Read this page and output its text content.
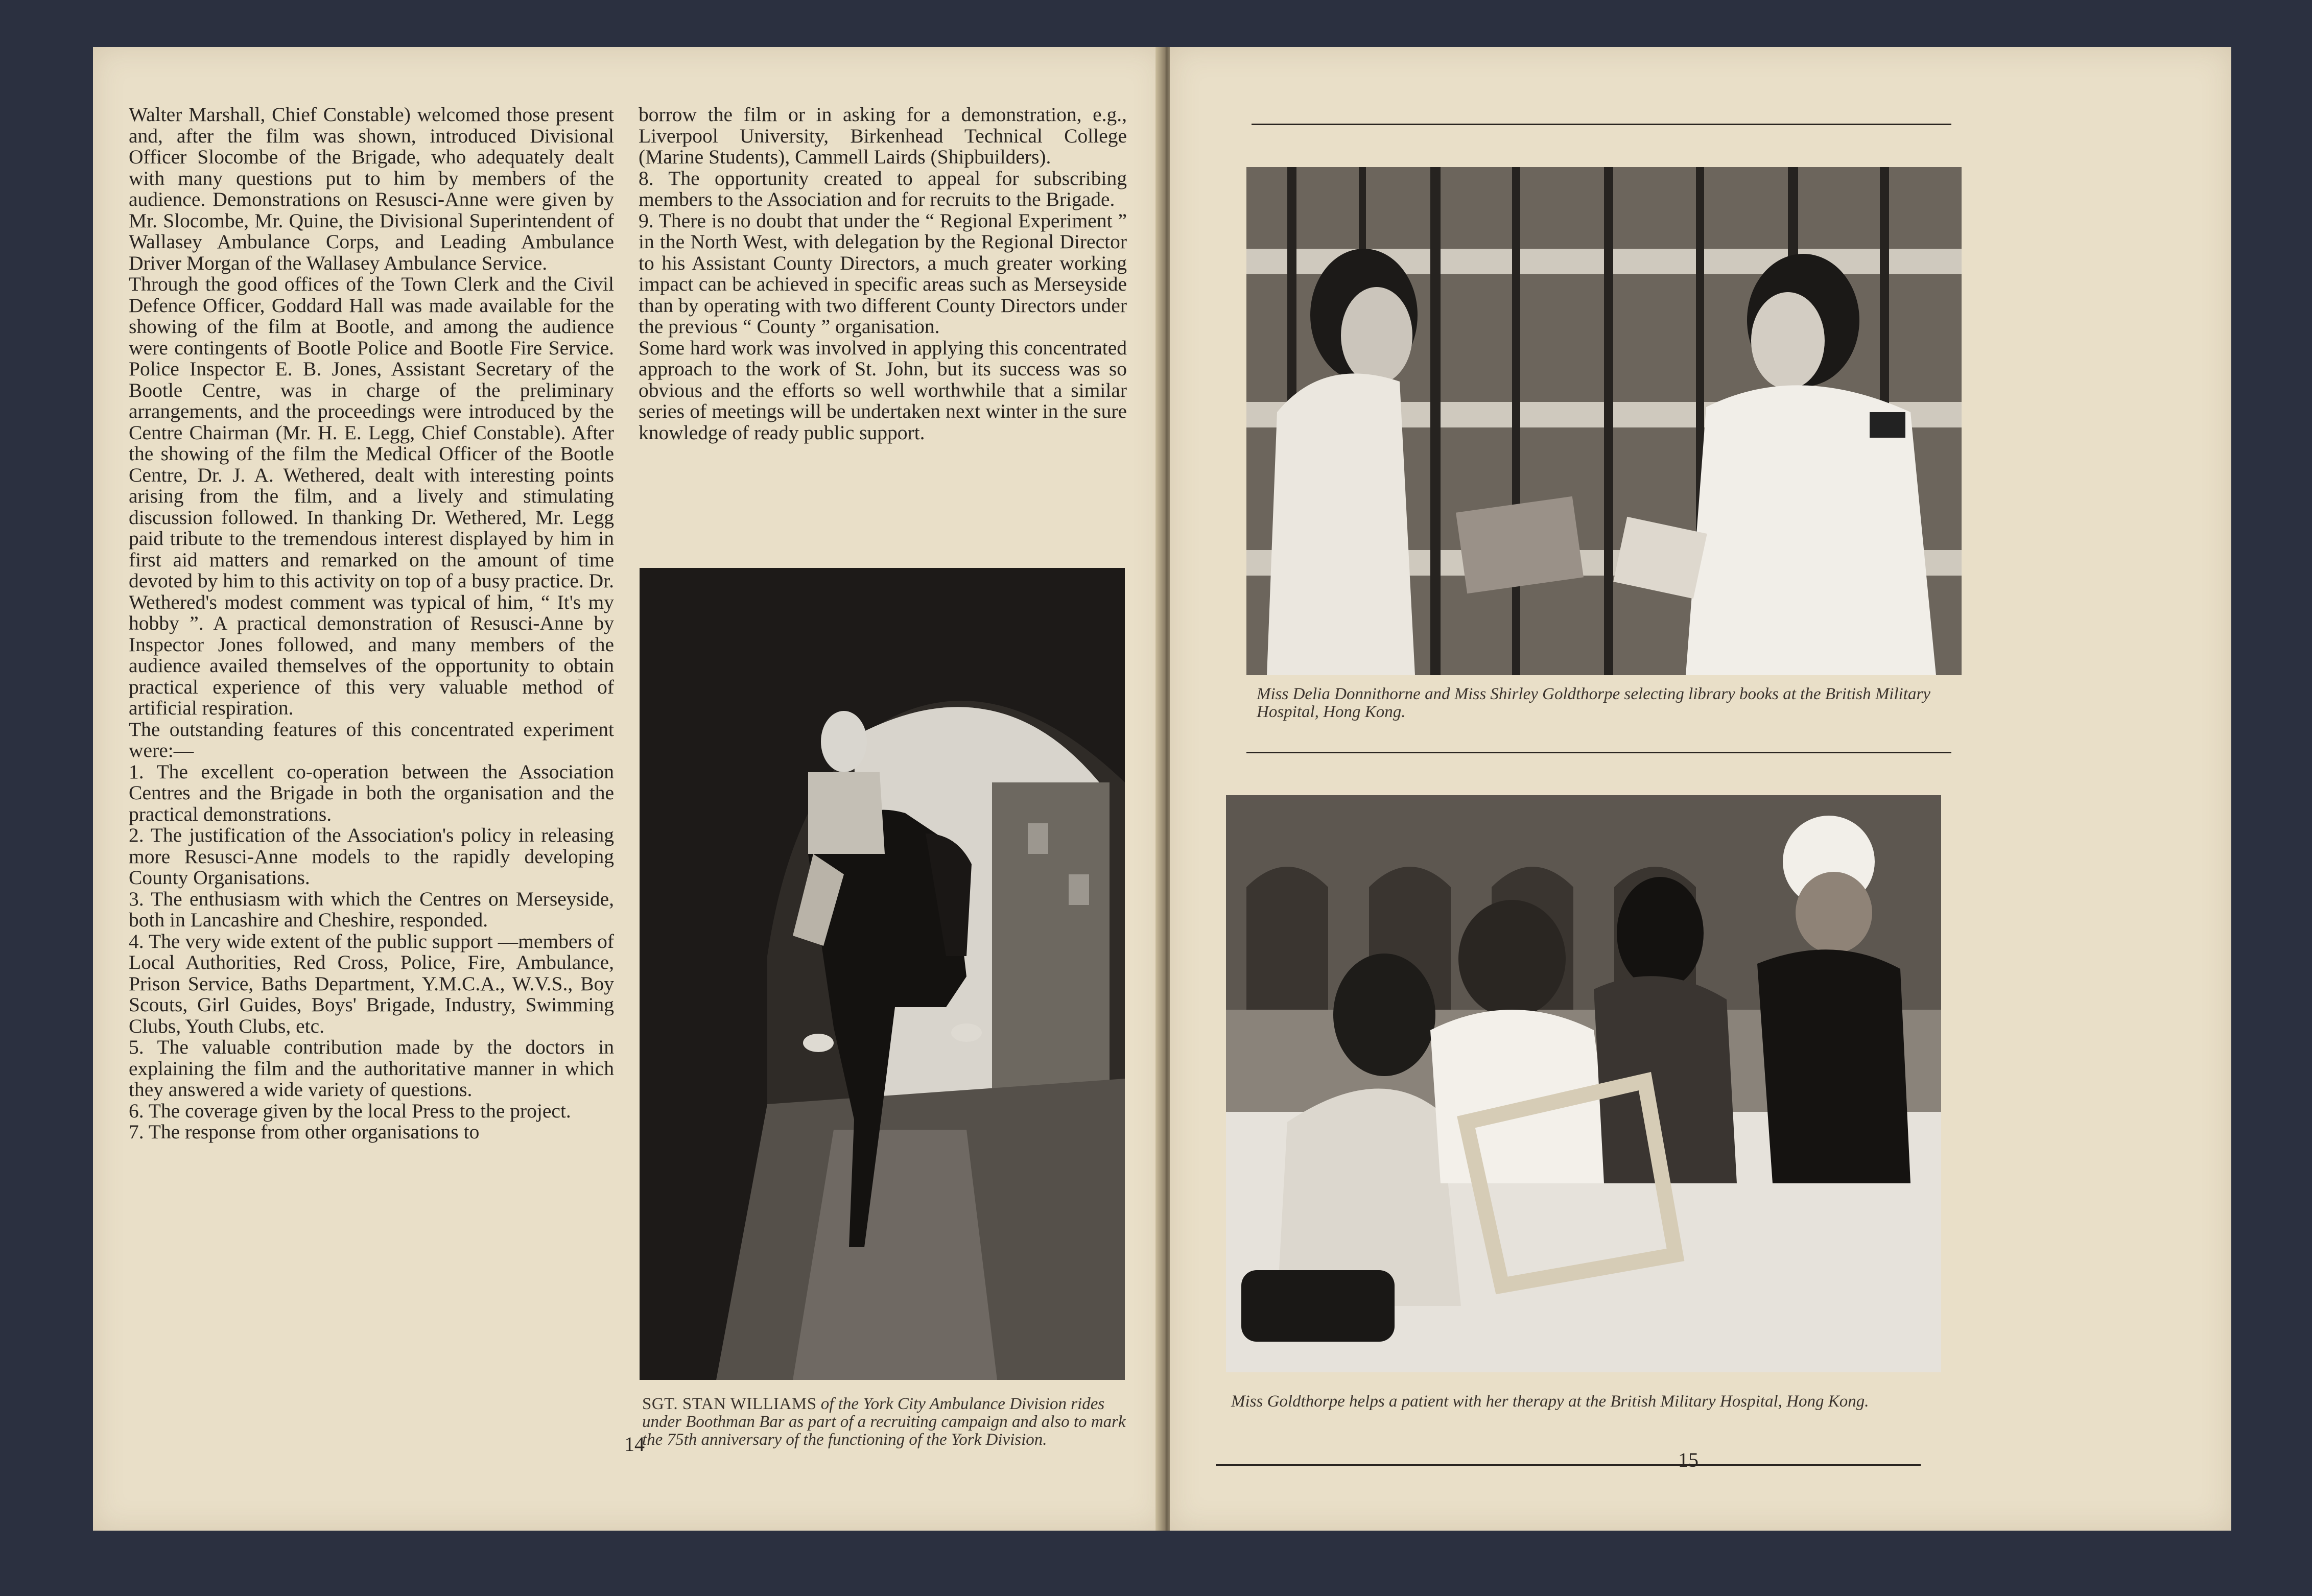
Walter Marshall, Chief Constable) welcomed those present and, after the film was shown, introduced Divisional Officer Slocombe of the Brigade, who adequately dealt with many questions put to him by members of the audience. Demonstrations on Resusci-Anne were given by Mr. Slocombe, Mr. Quine, the Divisional Superintendent of Wallasey Ambulance Corps, and Leading Ambulance Driver Morgan of the Wallasey Ambulance Service.
Through the good offices of the Town Clerk and the Civil Defence Officer, Goddard Hall was made available for the showing of the film at Bootle, and among the audience were contingents of Bootle Police and Bootle Fire Service. Police Inspector E. B. Jones, Assistant Secretary of the Bootle Centre, was in charge of the preliminary arrangements, and the proceedings were introduced by the Centre Chairman (Mr. H. E. Legg, Chief Constable). After the showing of the film the Medical Officer of the Bootle Centre, Dr. J. A. Wethered, dealt with interesting points arising from the film, and a lively and stimulating discussion followed. In thanking Dr. Wethered, Mr. Legg paid tribute to the tremendous interest displayed by him in first aid matters and remarked on the amount of time devoted by him to this activity on top of a busy practice. Dr. Wethered's modest comment was typical of him, “ It's my hobby ”. A practical demonstration of Resusci-Anne by Inspector Jones followed, and many members of the audience availed themselves of the opportunity to obtain practical experience of this very valuable method of artificial respiration.
The outstanding features of this concentrated experiment were:—
1. The excellent co-operation between the Association Centres and the Brigade in both the organisation and the practical demonstrations.
2. The justification of the Association's policy in releasing more Resusci-Anne models to the rapidly developing County Organisations.
3. The enthusiasm with which the Centres on Merseyside, both in Lancashire and Cheshire, responded.
4. The very wide extent of the public support —members of Local Authorities, Red Cross, Police, Fire, Ambulance, Prison Service, Baths Department, Y.M.C.A., W.V.S., Boy Scouts, Girl Guides, Boys' Brigade, Industry, Swimming Clubs, Youth Clubs, etc.
5. The valuable contribution made by the doctors in explaining the film and the authoritative manner in which they answered a wide variety of questions.
6. The coverage given by the local Press to the project.
7. The response from other organisations to

borrow the film or in asking for a demonstration, e.g., Liverpool University, Birkenhead Technical College (Marine Students), Cammell Lairds (Shipbuilders).
8. The opportunity created to appeal for subscribing members to the Association and for recruits to the Brigade.
9. There is no doubt that under the “ Regional Experiment ” in the North West, with delegation by the Regional Director to his Assistant County Directors, a much greater working impact can be achieved in specific areas such as Merseyside than by operating with two different County Directors under the previous “ County ” organisation.
Some hard work was involved in applying this concentrated approach to the work of St. John, but its success was so obvious and the efforts so well worthwhile that a similar series of meetings will be undertaken next winter in the sure knowledge of ready public support.

SGT. STAN WILLIAMS of the York City Ambulance Division rides under Boothman Bar as part of a recruiting campaign and also to mark the 75th anniversary of the functioning of the York Division.

14

Miss Delia Donnithorne and Miss Shirley Goldthorpe selecting library books at the British Military Hospital, Hong Kong.

Miss Goldthorpe helps a patient with her therapy at the British Military Hospital, Hong Kong.

15
